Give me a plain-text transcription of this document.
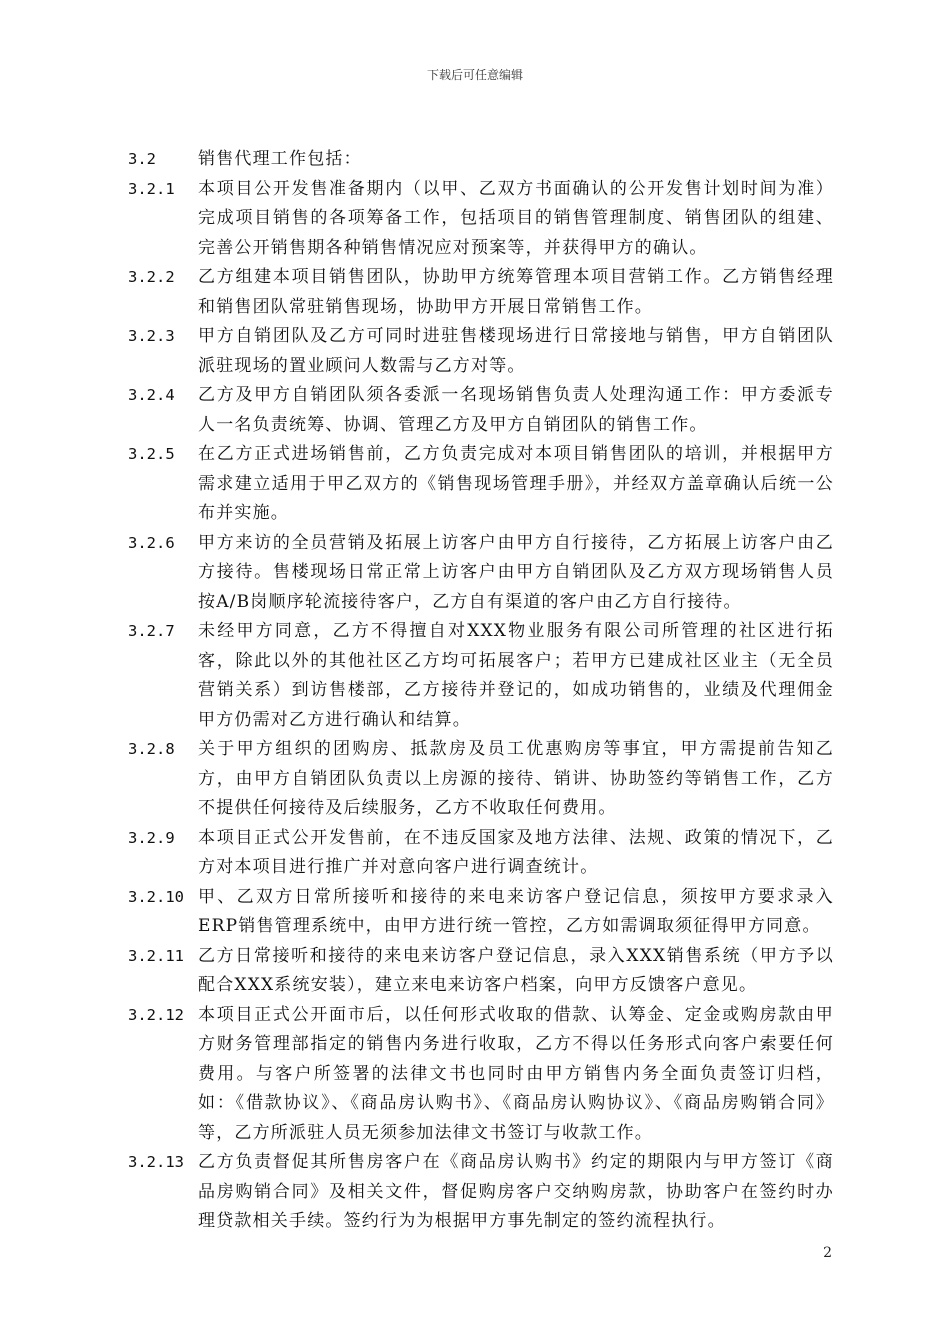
下载后可任意编辑
3.2	销售代理工作包括：
3.2.1	本项目公开发售准备期内（以甲、乙双方书面确认的公开发售计划时间为准）完成项目销售的各项筹备工作，包括项目的销售管理制度、销售团队的组建、完善公开销售期各种销售情况应对预案等，并获得甲方的确认。
3.2.2	乙方组建本项目销售团队，协助甲方统筹管理本项目营销工作。乙方销售经理和销售团队常驻销售现场，协助甲方开展日常销售工作。
3.2.3	甲方自销团队及乙方可同时进驻售楼现场进行日常接地与销售，甲方自销团队派驻现场的置业顾问人数需与乙方对等。
3.2.4	乙方及甲方自销团队须各委派一名现场销售负责人处理沟通工作：甲方委派专人一名负责统筹、协调、管理乙方及甲方自销团队的销售工作。
3.2.5	在乙方正式进场销售前，乙方负责完成对本项目销售团队的培训，并根据甲方需求建立适用于甲乙双方的《销售现场管理手册》，并经双方盖章确认后统一公布并实施。
3.2.6	甲方来访的全员营销及拓展上访客户由甲方自行接待，乙方拓展上访客户由乙方接待。售楼现场日常正常上访客户由甲方自销团队及乙方双方现场销售人员按A/B岗顺序轮流接待客户，乙方自有渠道的客户由乙方自行接待。
3.2.7	未经甲方同意，乙方不得擅自对XXX物业服务有限公司所管理的社区进行拓客，除此以外的其他社区乙方均可拓展客户；若甲方已建成社区业主（无全员营销关系）到访售楼部，乙方接待并登记的，如成功销售的，业绩及代理佣金甲方仍需对乙方进行确认和结算。
3.2.8	关于甲方组织的团购房、抵款房及员工优惠购房等事宜，甲方需提前告知乙方，由甲方自销团队负责以上房源的接待、销讲、协助签约等销售工作，乙方不提供任何接待及后续服务，乙方不收取任何费用。
3.2.9	本项目正式公开发售前，在不违反国家及地方法律、法规、政策的情况下，乙方对本项目进行推广并对意向客户进行调查统计。
3.2.10 甲、乙双方日常所接听和接待的来电来访客户登记信息，须按甲方要求录入ERP销售管理系统中，由甲方进行统一管控，乙方如需调取须征得甲方同意。
3.2.11 乙方日常接听和接待的来电来访客户登记信息，录入XXX销售系统（甲方予以配合XXX系统安装），建立来电来访客户档案，向甲方反馈客户意见。
3.2.12 本项目正式公开面市后，以任何形式收取的借款、认筹金、定金或购房款由甲方财务管理部指定的销售内务进行收取，乙方不得以任务形式向客户索要任何费用。与客户所签署的法律文书也同时由甲方销售内务全面负责签订归档，如：《借款协议》、《商品房认购书》、《商品房认购协议》、《商品房购销合同》等，乙方所派驻人员无须参加法律文书签订与收款工作。
3.2.13 乙方负责督促其所售房客户在《商品房认购书》约定的期限内与甲方签订《商品房购销合同》及相关文件，督促购房客户交纳购房款，协助客户在签约时办理贷款相关手续。签约行为为根据甲方事先制定的签约流程执行。
2
